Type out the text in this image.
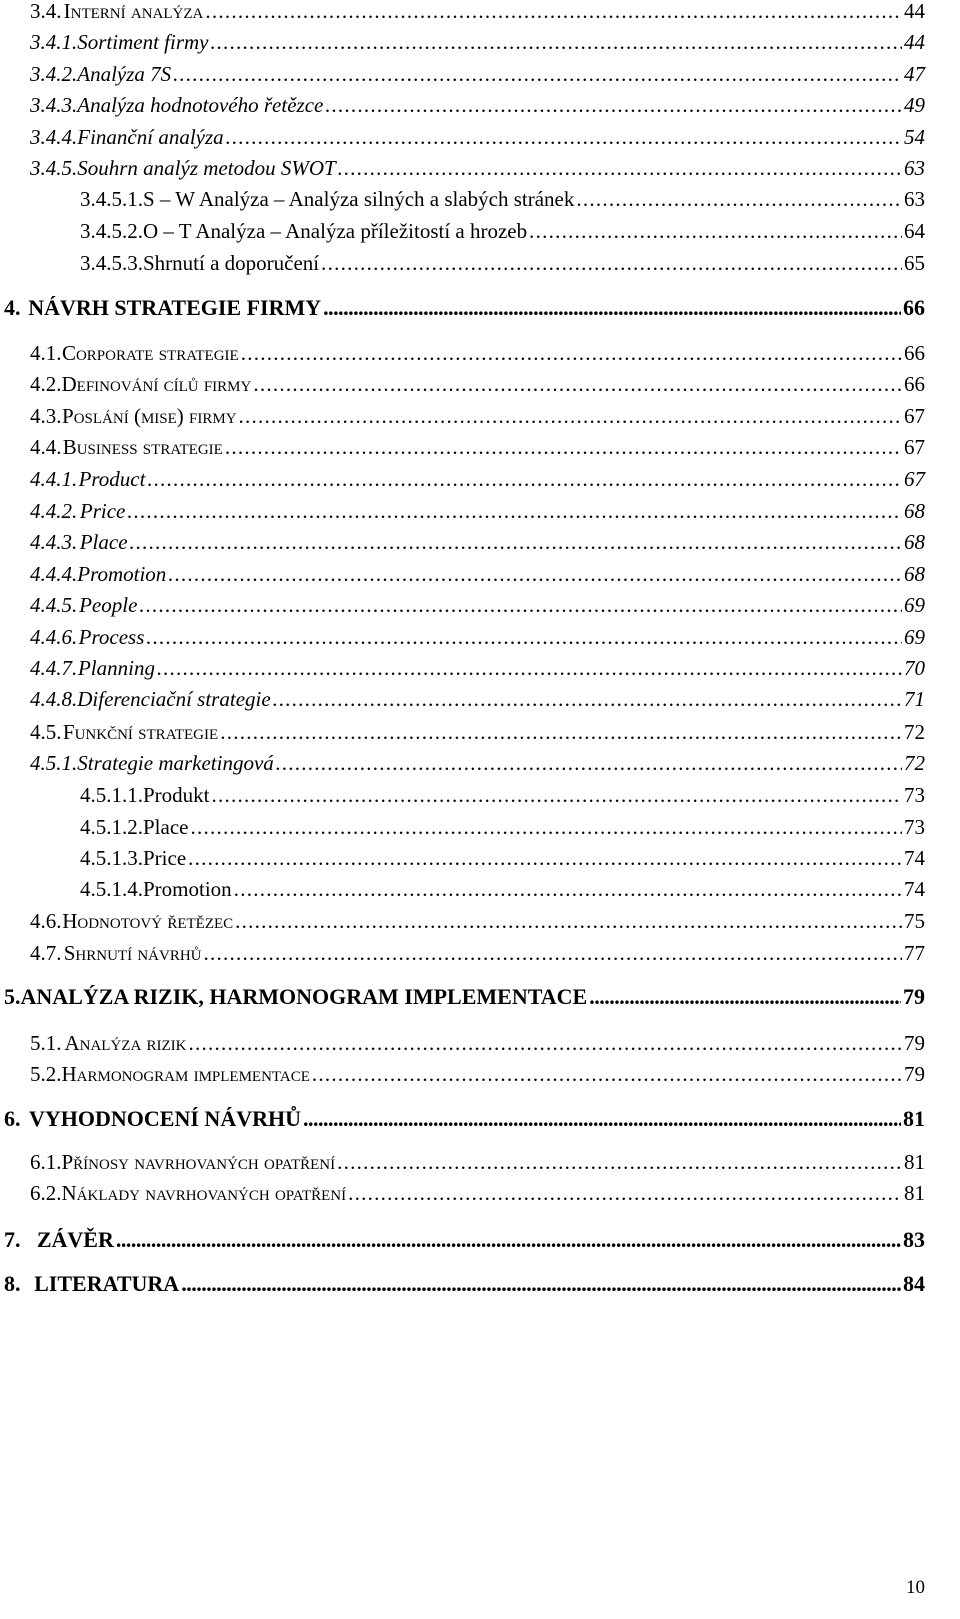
3.4. Interní analýza . . .	44
3.4.1. Sortiment firmy . . .	44
3.4.2. Analýza 7S . . .	47
3.4.3. Analýza hodnotového řetězce . . .	49
3.4.4. Finanční analýza . . .	54
3.4.5. Souhrn analýz metodou SWOT . . .	63
3.4.5.1. S – W Analýza – Analýza silných a slabých stránek . . .	63
3.4.5.2. O – T Analýza – Analýza příležitostí a hrozeb . . .	64
3.4.5.3. Shrnutí a doporučení . . .	65
4. NÁVRH STRATEGIE FIRMY . . .	66
4.1. Corporate strategie . . .	66
4.2. Definování cílů firmy . . .	66
4.3. Poslání (mise) firmy . . .	67
4.4. Business strategie . . .	67
4.4.1. Product . . .	67
4.4.2. Price . . .	68
4.4.3. Place . . .	68
4.4.4. Promotion . . .	68
4.4.5. People . . .	69
4.4.6. Process . . .	69
4.4.7. Planning . . .	70
4.4.8. Diferenciační strategie . . .	71
4.5. Funkční strategie . . .	72
4.5.1. Strategie marketingová . . .	72
4.5.1.1. Produkt . . .	73
4.5.1.2. Place . . .	73
4.5.1.3. Price . . .	74
4.5.1.4. Promotion . . .	74
4.6. Hodnotový řetězec . . .	75
4.7. Shrnutí návrhů . . .	77
5. ANALÝZA RIZIK, HARMONOGRAM IMPLEMENTACE . . .	79
5.1. Analýza rizik . . .	79
5.2. Harmonogram implementace . . .	79
6. VYHODNOCENÍ NÁVRHŮ . . .	81
6.1. Přínosy navrhovaných opatření . . .	81
6.2. Náklady navrhovaných opatření . . .	81
7. ZÁVĚR . . .	83
8. LITERATURA . . .	84
10
